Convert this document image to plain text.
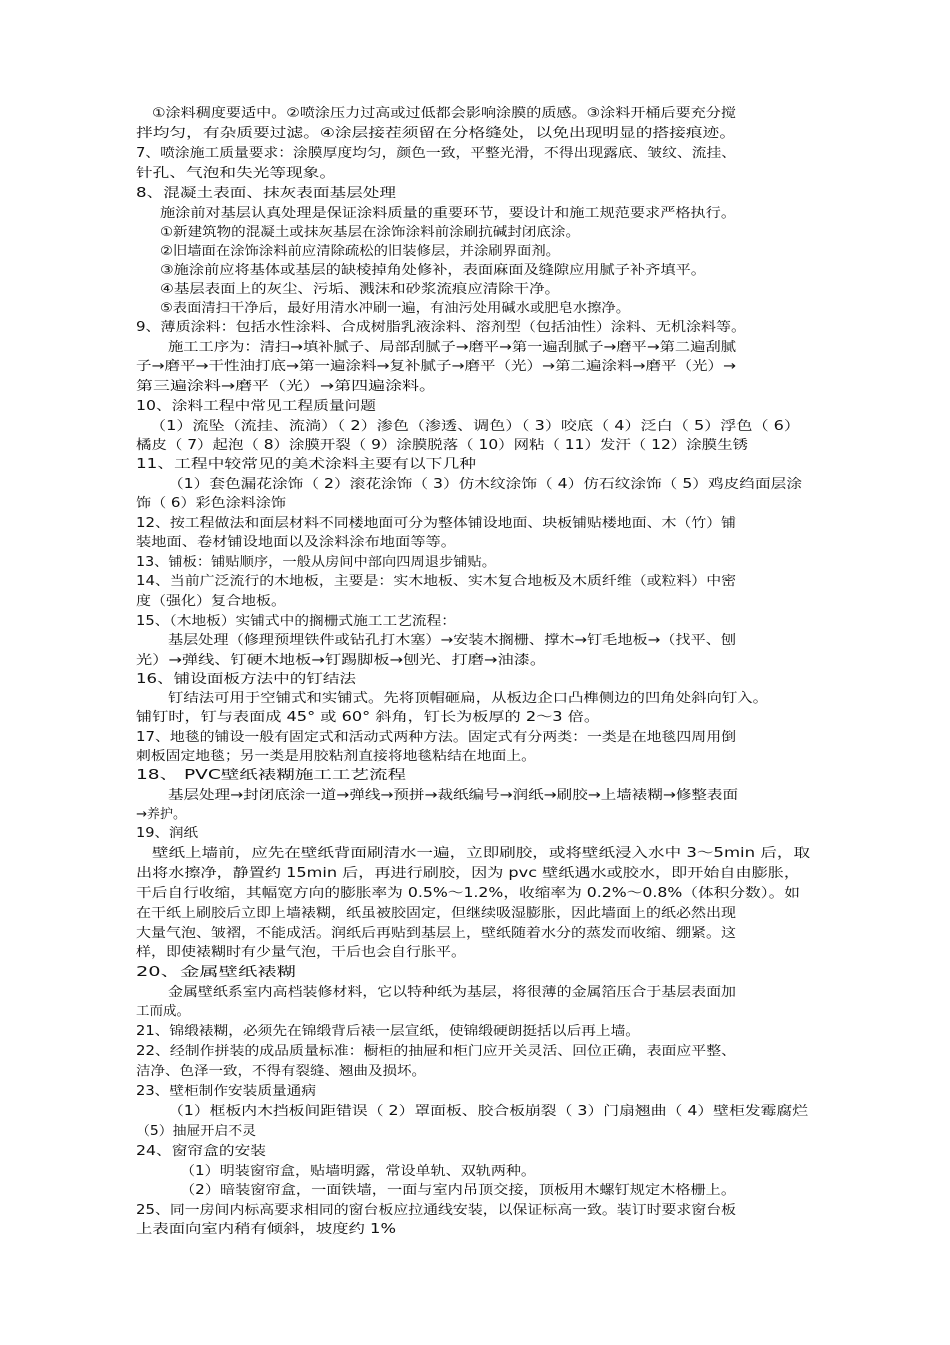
①涂料稠度要适中。②喷涂压力过高或过低都会影响涂膜的质感。③涂料开桶后要充分搅
拌均匀，有杂质要过滤。④涂层接茬须留在分格缝处，以免出现明显的搭接痕迹。
7、喷涂施工质量要求：涂膜厚度均匀，颜色一致，平整光滑，不得出现露底、皱纹、流挂、
针孔、气泡和失光等现象。
8、混凝土表面、抹灰表面基层处理
施涂前对基层认真处理是保证涂料质量的重要环节，要设计和施工规范要求严格执行。
①新建筑物的混凝土或抹灰基层在涂饰涂料前涂刷抗碱封闭底涂。
②旧墙面在涂饰涂料前应清除疏松的旧装修层，并涂刷界面剂。
③施涂前应将基体或基层的缺棱掉角处修补，表面麻面及缝隙应用腻子补齐填平。
④基层表面上的灰尘、污垢、溅沫和砂浆流痕应清除干净。
⑤表面清扫干净后，最好用清水冲刷一遍，有油污处用碱水或肥皂水擦净。
9、薄质涂料：包括水性涂料、合成树脂乳液涂料、溶剂型（包括油性）涂料、无机涂料等。
施工工序为：清扫→填补腻子、局部刮腻子→磨平→第一遍刮腻子→磨平→第二遍刮腻
子→磨平→干性油打底→第一遍涂料→复补腻子→磨平（光）→第二遍涂料→磨平（光）→
第三遍涂料→磨平（光）→第四遍涂料。
10、涂料工程中常见工程质量问题
（1）流坠（流挂、流淌）（ 2）渗色（渗透、调色）（ 3）咬底（ 4）泛白（ 5）浮色（ 6）
橘皮（ 7）起泡（ 8）涂膜开裂（ 9）涂膜脱落（ 10）网粘（ 11）发汗（ 12）涂膜生锈
11、工程中较常见的美术涂料主要有以下几种
（1）套色漏花涂饰（ 2）滚花涂饰（ 3）仿木纹涂饰（ 4）仿石纹涂饰（ 5）鸡皮绉面层涂
饰（ 6）彩色涂料涂饰
12、按工程做法和面层材料不同楼地面可分为整体铺设地面、块板铺贴楼地面、木（竹）铺
装地面、卷材铺设地面以及涂料涂布地面等等。
13、铺板：铺贴顺序，一般从房间中部向四周退步铺贴。
14、当前广泛流行的木地板，主要是：实木地板、实木复合地板及木质纤维（或粒料）中密
度（强化）复合地板。
15、（木地板）实铺式中的搁栅式施工工艺流程：
基层处理（修理预埋铁件或钻孔打木塞）→安装木搁栅、撑木→钉毛地板→（找平、刨
光）→弹线、钉硬木地板→钉踢脚板→刨光、打磨→油漆。
16、铺设面板方法中的钉结法
钉结法可用于空铺式和实铺式。先将顶帽砸扁，从板边企口凸榫侧边的凹角处斜向钉入。
铺钉时，钉与表面成 45° 或 60° 斜角，钉长为板厚的 2～3 倍。
17、地毯的铺设一般有固定式和活动式两种方法。固定式有分两类：一类是在地毯四周用倒
刺板固定地毯；另一类是用胶粘剂直接将地毯粘结在地面上。
18、 PVC壁纸裱糊施工工艺流程
基层处理→封闭底涂一道→弹线→预拼→裁纸编号→润纸→刷胶→上墙裱糊→修整表面
→养护。
19、润纸
壁纸上墙前，应先在壁纸背面刷清水一遍，立即刷胶，或将壁纸浸入水中 3～5min 后，取
出将水擦净，静置约 15min 后，再进行刷胶，因为 pvc 壁纸遇水或胶水，即开始自由膨胀，
干后自行收缩，其幅宽方向的膨胀率为 0.5%～1.2%，收缩率为 0.2%～0.8%（体积分数）。如
在干纸上刷胶后立即上墙裱糊，纸虽被胶固定，但继续吸湿膨胀，因此墙面上的纸必然出现
大量气泡、皱褶，不能成活。润纸后再贴到基层上，壁纸随着水分的蒸发而收缩、绷紧。这
样，即使裱糊时有少量气泡，干后也会自行胀平。
20、金属壁纸裱糊
金属壁纸系室内高档装修材料，它以特种纸为基层，将很薄的金属箔压合于基层表面加
工而成。
21、锦缎裱糊，必须先在锦缎背后裱一层宣纸，使锦缎硬朗挺括以后再上墙。
22、经制作拼装的成品质量标准：橱柜的抽屉和柜门应开关灵活、回位正确，表面应平整、
洁净、色泽一致，不得有裂缝、翘曲及损坏。
23、壁柜制作安装质量通病
（1）框板内木挡板间距错误（ 2）罩面板、胶合板崩裂（ 3）门扇翘曲（ 4）壁柜发霉腐烂
（5）抽屉开启不灵
24、窗帘盒的安装
（1）明装窗帘盒，贴墙明露，常设单轨、双轨两种。
（2）暗装窗帘盒，一面铁墙，一面与室内吊顶交接，顶板用木螺钉规定木格栅上。
25、同一房间内标高要求相同的窗台板应拉通线安装，以保证标高一致。装订时要求窗台板
上表面向室内稍有倾斜，坡度约 1%
